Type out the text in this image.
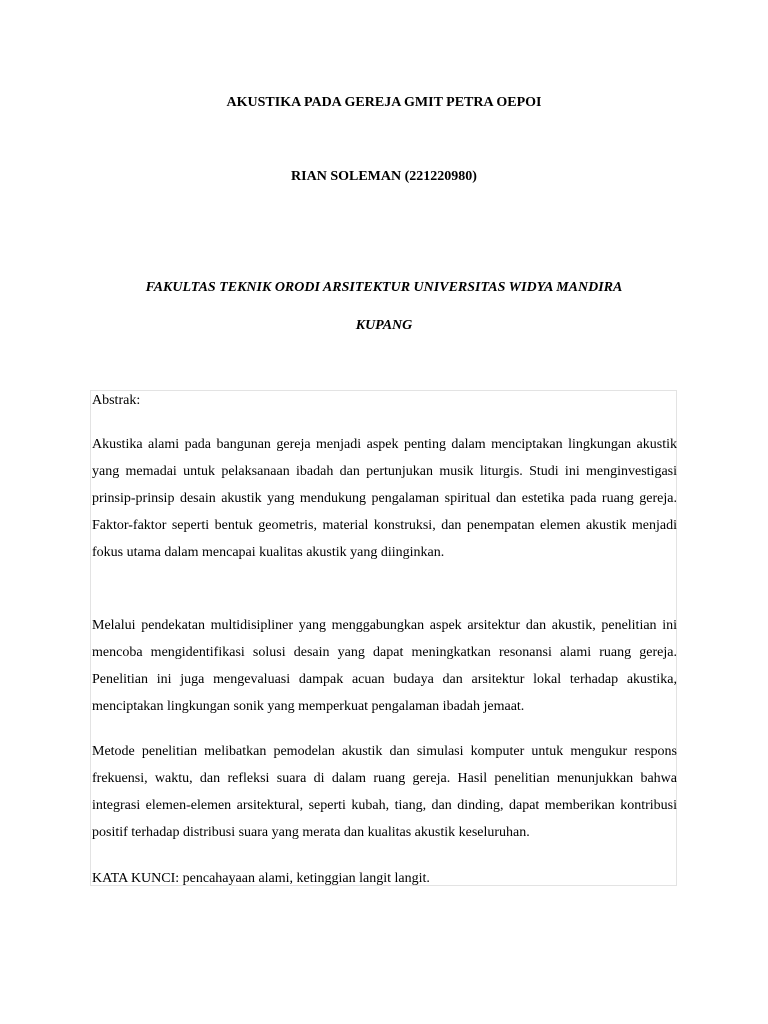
AKUSTIKA PADA GEREJA GMIT PETRA OEPOI

RIAN SOLEMAN (221220980)

FAKULTAS TEKNIK ORODI ARSITEKTUR UNIVERSITAS WIDYA MANDIRA

KUPANG

Abstrak:

Akustika alami pada bangunan gereja menjadi aspek penting dalam menciptakan lingkungan akustik yang memadai untuk pelaksanaan ibadah dan pertunjukan musik liturgis. Studi ini menginvestigasi prinsip-prinsip desain akustik yang mendukung pengalaman spiritual dan estetika pada ruang gereja. Faktor-faktor seperti bentuk geometris, material konstruksi, dan penempatan elemen akustik menjadi fokus utama dalam mencapai kualitas akustik yang diinginkan.

Melalui pendekatan multidisipliner yang menggabungkan aspek arsitektur dan akustik, penelitian ini mencoba mengidentifikasi solusi desain yang dapat meningkatkan resonansi alami ruang gereja. Penelitian ini juga mengevaluasi dampak acuan budaya dan arsitektur lokal terhadap akustika, menciptakan lingkungan sonik yang memperkuat pengalaman ibadah jemaat.

Metode penelitian melibatkan pemodelan akustik dan simulasi komputer untuk mengukur respons frekuensi, waktu, dan refleksi suara di dalam ruang gereja. Hasil penelitian menunjukkan bahwa integrasi elemen-elemen arsitektural, seperti kubah, tiang, dan dinding, dapat memberikan kontribusi positif terhadap distribusi suara yang merata dan kualitas akustik keseluruhan.

KATA KUNCI: pencahayaan alami, ketinggian langit langit.
